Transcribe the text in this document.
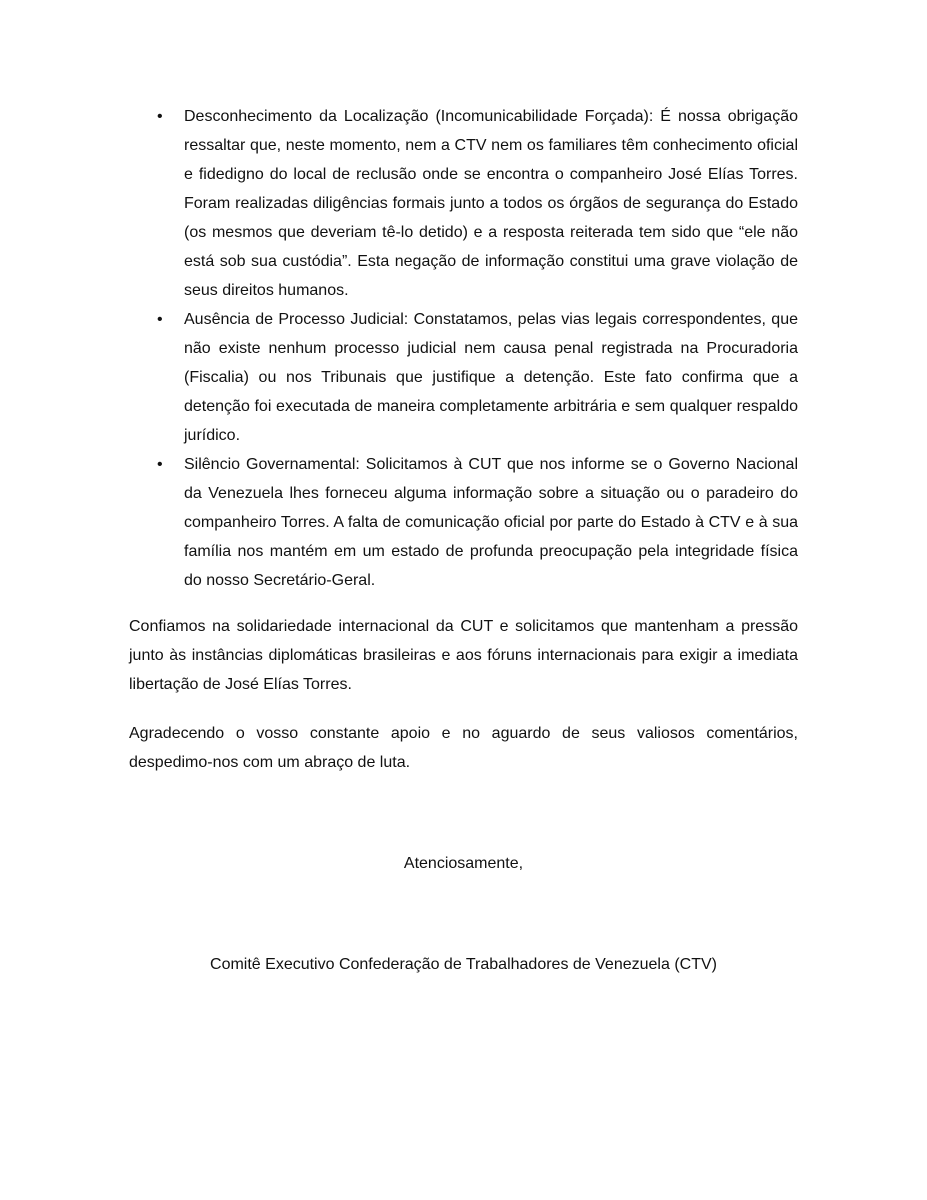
• Desconhecimento da Localização (Incomunicabilidade Forçada): É nossa obrigação ressaltar que, neste momento, nem a CTV nem os familiares têm conhecimento oficial e fidedigno do local de reclusão onde se encontra o companheiro José Elías Torres. Foram realizadas diligências formais junto a todos os órgãos de segurança do Estado (os mesmos que deveriam tê-lo detido) e a resposta reiterada tem sido que “ele não está sob sua custódia”. Esta negação de informação constitui uma grave violação de seus direitos humanos.
• Ausência de Processo Judicial: Constatamos, pelas vias legais correspondentes, que não existe nenhum processo judicial nem causa penal registrada na Procuradoria (Fiscalia) ou nos Tribunais que justifique a detenção. Este fato confirma que a detenção foi executada de maneira completamente arbitrária e sem qualquer respaldo jurídico.
• Silêncio Governamental: Solicitamos à CUT que nos informe se o Governo Nacional da Venezuela lhes forneceu alguma informação sobre a situação ou o paradeiro do companheiro Torres. A falta de comunicação oficial por parte do Estado à CTV e à sua família nos mantém em um estado de profunda preocupação pela integridade física do nosso Secretário-Geral.

Confiamos na solidariedade internacional da CUT e solicitamos que mantenham a pressão junto às instâncias diplomáticas brasileiras e aos fóruns internacionais para exigir a imediata libertação de José Elías Torres.

Agradecendo o vosso constante apoio e no aguardo de seus valiosos comentários, despedimo-nos com um abraço de luta.

Atenciosamente,

Comitê Executivo Confederação de Trabalhadores de Venezuela (CTV)
